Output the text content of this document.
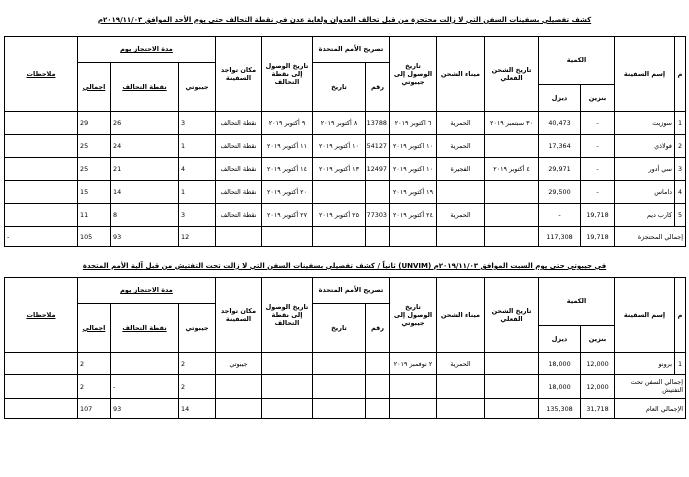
كشف تفصيلي بسفينات السفن التي لا زالت محتجزة من قبل تحالف العدوان ولغاية عدن في نقطة التحالف حتى يوم الأحد الموافق ٢٠١٩/١١/٠٣م
م	إسم السفينة	الكمية		تاريخ الشحن الفعلي	ميناء الشحن	تاريخ الوصول إلى جيبوتي	تصريح الأمم المتحدة		تاريخ الوصول إلى نقطة التحالف	مكان تواجد السفينة	مدة الاحتجاز يوم			ملاحظات
							رقم	تاريخ			جيبوتي	نقطة التحالف	اجمالي	
		بنزين	ديزل											
1	سوزيت	-	40,473	٣٠ سبتمبر ٢٠١٩	الحمرية	٦ اكتوبر ٢٠١٩	13788	٨ أكتوبر ٢٠١٩	٩ أكتوبر ٢٠١٩	نقطة التحالف	3	26	29	
2	فولاذي	-	17,364		الحمرية	١٠ اكتوبر ٢٠١٩	54127	١٠ أكتوبر ٢٠١٩	١١ أكتوبر ٢٠١٩	نقطة التحالف	1	24	25	
3	سي أدور	-	29,971	٤ أكتوبر ٢٠١٩	الفجيرة	١٠ اكتوبر ٢٠١٩	12497	١٣ أكتوبر ٢٠١٩	١٤ أكتوبر ٢٠١٩	نقطة التحالف	4	21	25	
4	داماس	-	29,500			١٩ أكتوبر ٢٠١٩			٢٠ أكتوبر ٢٠١٩	نقطة التحالف	1	14	15	
5	كارب ديم	19,718	-		الحمرية	٢٤ أكتوبر ٢٠١٩	77303	٢٥ أكتوبر ٢٠١٩	٢٧ أكتوبر ٢٠١٩	نقطة التحالف	3	8	11	
إجمالي المحتجزة		19,718	117,308								12	93	105	-
ثانياً / كشف تفصيلي بسفينات السفن التي لا زالت تحت التفتيش من قبل آلية الأمم المتحدة (UNVIM) في جيبوتي حتى يوم السبت الموافق ٢٠١٩/١١/٠٣م
م	إسم السفينة	الكمية		تاريخ الشحن الفعلي	ميناء الشحن	تاريخ الوصول إلى جيبوتي	تصريح الأمم المتحدة		تاريخ الوصول إلى نقطة التحالف	مكان تواجد السفينة	مدة الاحتجاز يوم			ملاحظات
							رقم	تاريخ			جيبوتي	نقطة التحالف	اجمالي	
		بنزين	ديزل											
1	برونو	12,000	18,000		الحمرية	٢ نوفمبر ٢٠١٩				جيبوتي	2		2	
إجمالي السفن تحت التفتيش		12,000	18,000								2	-	2	
الإجمالي العام		31,718	135,308								14	93	107	
